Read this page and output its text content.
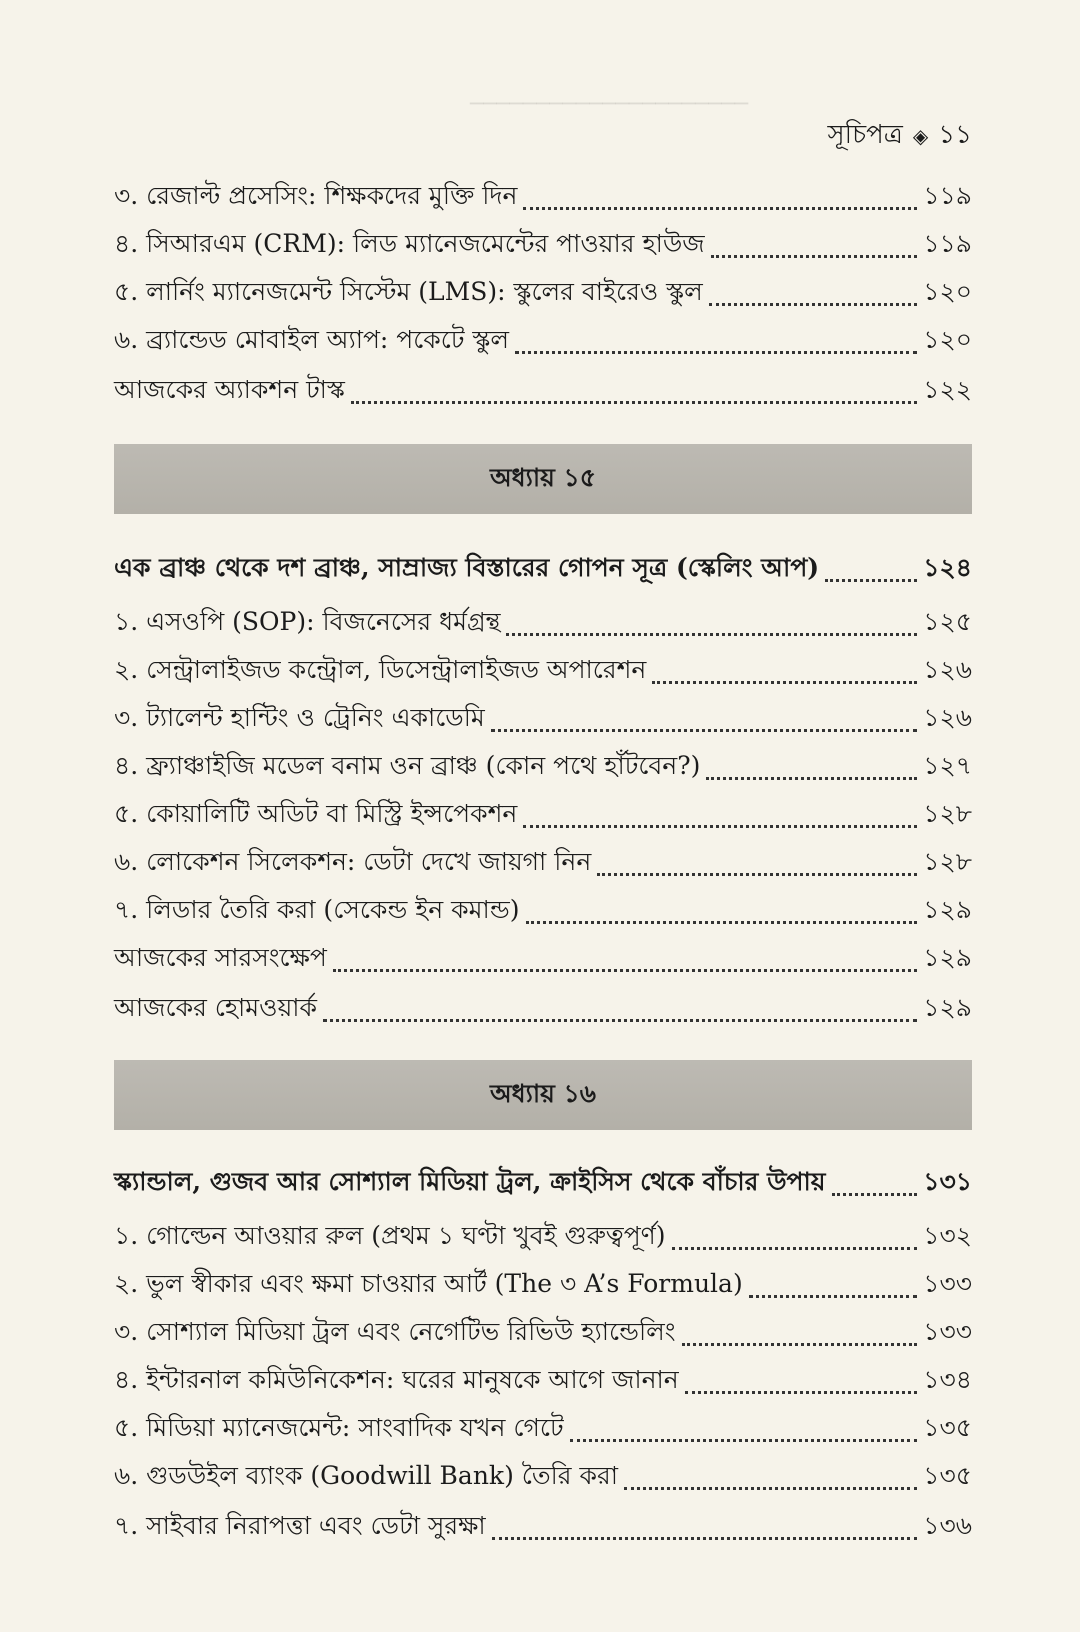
─────────────────────
সূচিপত্র ◈ ১১
৩. রেজাল্ট প্রসেসিং: শিক্ষকদের মুক্তি দিন	১১৯
৪. সিআরএম (CRM): লিড ম্যানেজমেন্টের পাওয়ার হাউজ	১১৯
৫. লার্নিং ম্যানেজমেন্ট সিস্টেম (LMS): স্কুলের বাইরেও স্কুল	১২০
৬. ব্র্যান্ডেড মোবাইল অ্যাপ: পকেটে স্কুল	১২০
আজকের অ্যাকশন টাস্ক	১২২
অধ্যায় ১৫
এক ব্রাঞ্চ থেকে দশ ব্রাঞ্চ, সাম্রাজ্য বিস্তারের গোপন সূত্র (স্কেলিং আপ)	১২৪
১. এসওপি (SOP): বিজনেসের ধর্মগ্রন্থ	১২৫
২. সেন্ট্রালাইজড কন্ট্রোল, ডিসেন্ট্রালাইজড অপারেশন	১২৬
৩. ট্যালেন্ট হান্টিং ও ট্রেনিং একাডেমি	১২৬
৪. ফ্র্যাঞ্চাইজি মডেল বনাম ওন ব্রাঞ্চ (কোন পথে হাঁটবেন?)	১২৭
৫. কোয়ালিটি অডিট বা মিস্ট্রি ইন্সপেকশন	১২৮
৬. লোকেশন সিলেকশন: ডেটা দেখে জায়গা নিন	১২৮
৭. লিডার তৈরি করা (সেকেন্ড ইন কমান্ড)	১২৯
আজকের সারসংক্ষেপ	১২৯
আজকের হোমওয়ার্ক	১২৯
অধ্যায় ১৬
স্ক্যান্ডাল, গুজব আর সোশ্যাল মিডিয়া ট্রল, ক্রাইসিস থেকে বাঁচার উপায়	১৩১
১. গোল্ডেন আওয়ার রুল (প্রথম ১ ঘণ্টা খুবই গুরুত্বপূর্ণ)	১৩২
২. ভুল স্বীকার এবং ক্ষমা চাওয়ার আর্ট (The ৩ A’s Formula)	১৩৩
৩. সোশ্যাল মিডিয়া ট্রল এবং নেগেটিভ রিভিউ হ্যান্ডেলিং	১৩৩
৪. ইন্টারনাল কমিউনিকেশন: ঘরের মানুষকে আগে জানান	১৩৪
৫. মিডিয়া ম্যানেজমেন্ট: সাংবাদিক যখন গেটে	১৩৫
৬. গুডউইল ব্যাংক (Goodwill Bank) তৈরি করা	১৩৫
৭. সাইবার নিরাপত্তা এবং ডেটা সুরক্ষা	১৩৬
